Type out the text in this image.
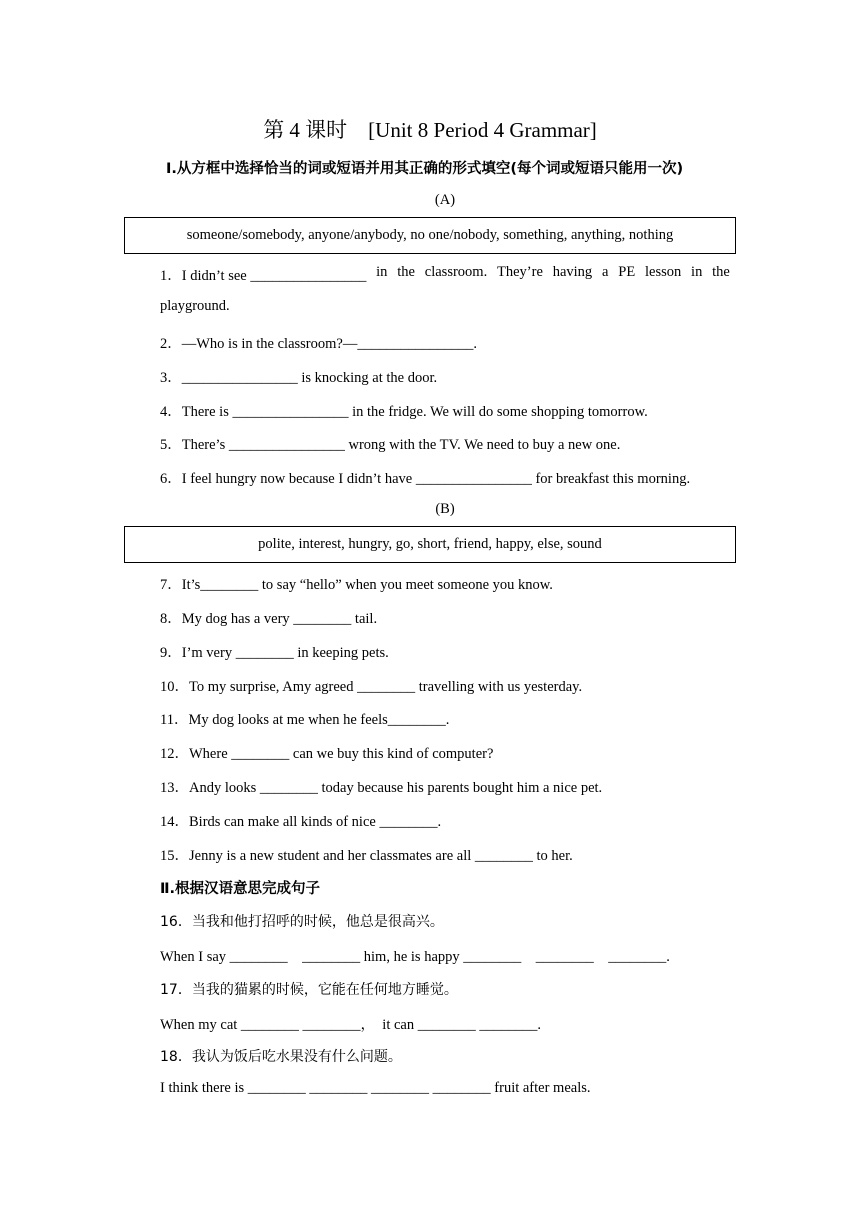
第 4 课时　[Unit 8 Period 4 Grammar]
Ⅰ.从方框中选择恰当的词或短语并用其正确的形式填空(每个词或短语只能用一次)
(A)
someone/somebody, anyone/anybody, no one/nobody, something, anything, nothing
1．I didn’t see ________________ in the classroom. They’re having a PE lesson in the
playground.
2．—Who is in the classroom?—________________.
3．________________ is knocking at the door.
4．There is ________________ in the fridge. We will do some shopping tomorrow.
5．There’s ________________ wrong with the TV. We need to buy a new one.
6．I feel hungry now because I didn’t have ________________ for breakfast this morning.
(B)
polite, interest, hungry, go, short, friend, happy, else, sound
7．It’s________ to say “hello” when you meet someone you know.
8．My dog has a very ________ tail.
9．I’m very ________ in keeping pets.
10．To my surprise, Amy agreed ________ travelling with us yesterday.
11．My dog looks at me when he feels________.
12．Where ________ can we buy this kind of computer?
13．Andy looks ________ today because his parents bought him a nice pet.
14．Birds can make all kinds of nice ________.
15．Jenny is a new student and her classmates are all ________ to her.
Ⅱ.根据汉语意思完成句子
16．当我和他打招呼的时候，他总是很高兴。
When I say ________　________ him, he is happy ________　________　________.
17．当我的猫累的时候，它能在任何地方睡觉。
When my cat ________ ________，  it can ________ ________.
18．我认为饭后吃水果没有什么问题。
I think there is ________ ________ ________ ________ fruit after meals.
